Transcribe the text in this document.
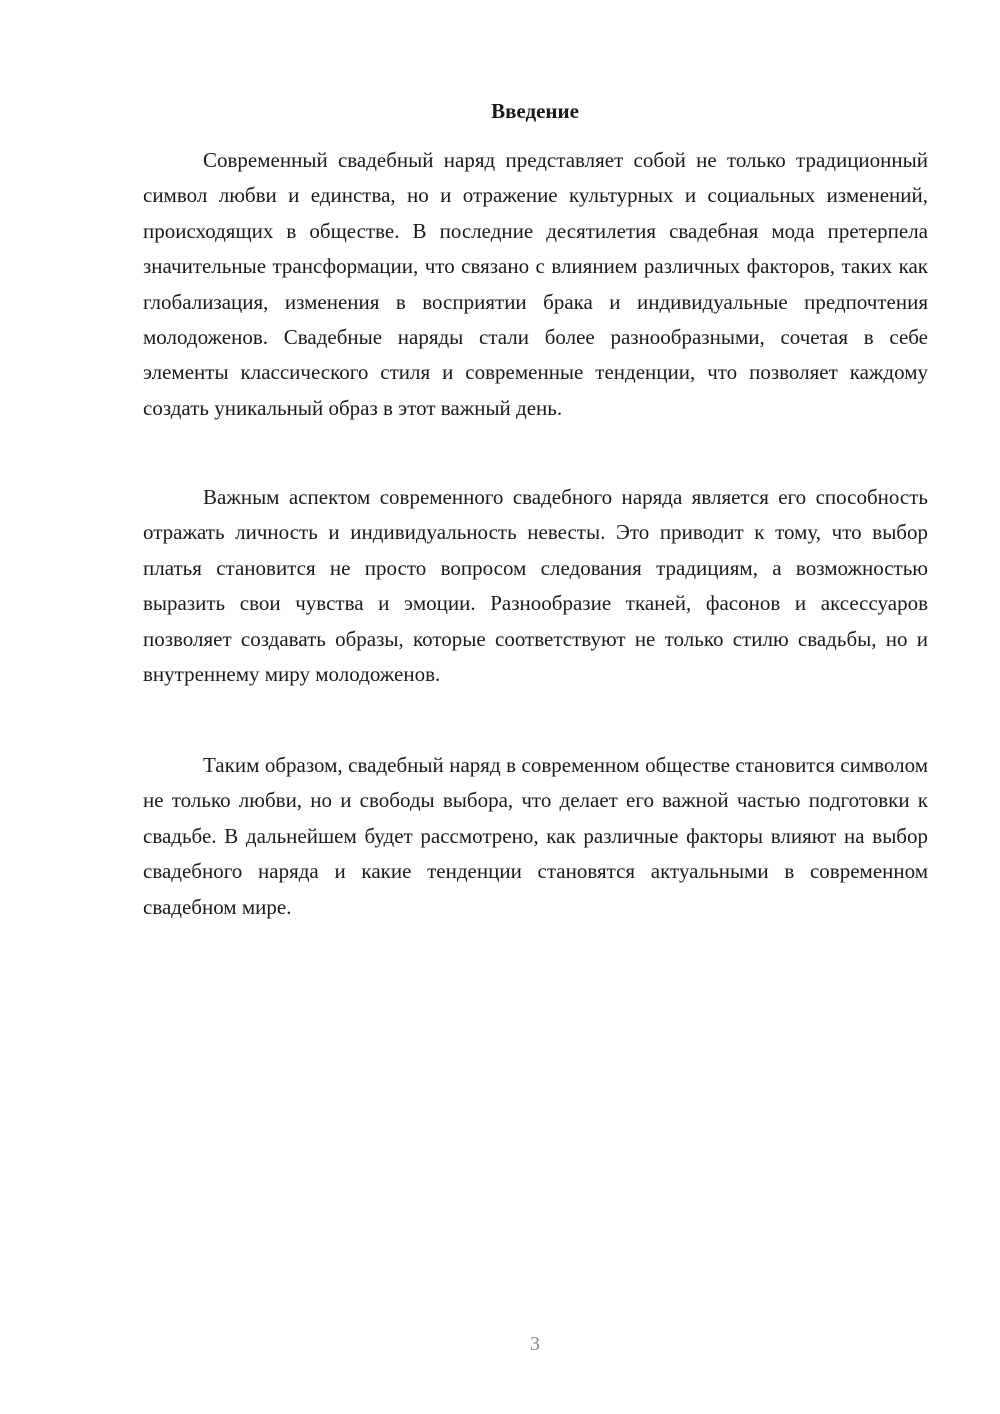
Введение

Современный свадебный наряд представляет собой не только традиционный символ любви и единства, но и отражение культурных и социальных изменений, происходящих в обществе. В последние десятилетия свадебная мода претерпела значительные трансформации, что связано с влиянием различных факторов, таких как глобализация, изменения в восприятии брака и индивидуальные предпочтения молодоженов. Свадебные наряды стали более разнообразными, сочетая в себе элементы классического стиля и современные тенденции, что позволяет каждому создать уникальный образ в этот важный день.

Важным аспектом современного свадебного наряда является его способность отражать личность и индивидуальность невесты. Это приводит к тому, что выбор платья становится не просто вопросом следования традициям, а возможностью выразить свои чувства и эмоции. Разнообразие тканей, фасонов и аксессуаров позволяет создавать образы, которые соответствуют не только стилю свадьбы, но и внутреннему миру молодоженов.

Таким образом, свадебный наряд в современном обществе становится символом не только любви, но и свободы выбора, что делает его важной частью подготовки к свадьбе. В дальнейшем будет рассмотрено, как различные факторы влияют на выбор свадебного наряда и какие тенденции становятся актуальными в современном свадебном мире.

3
